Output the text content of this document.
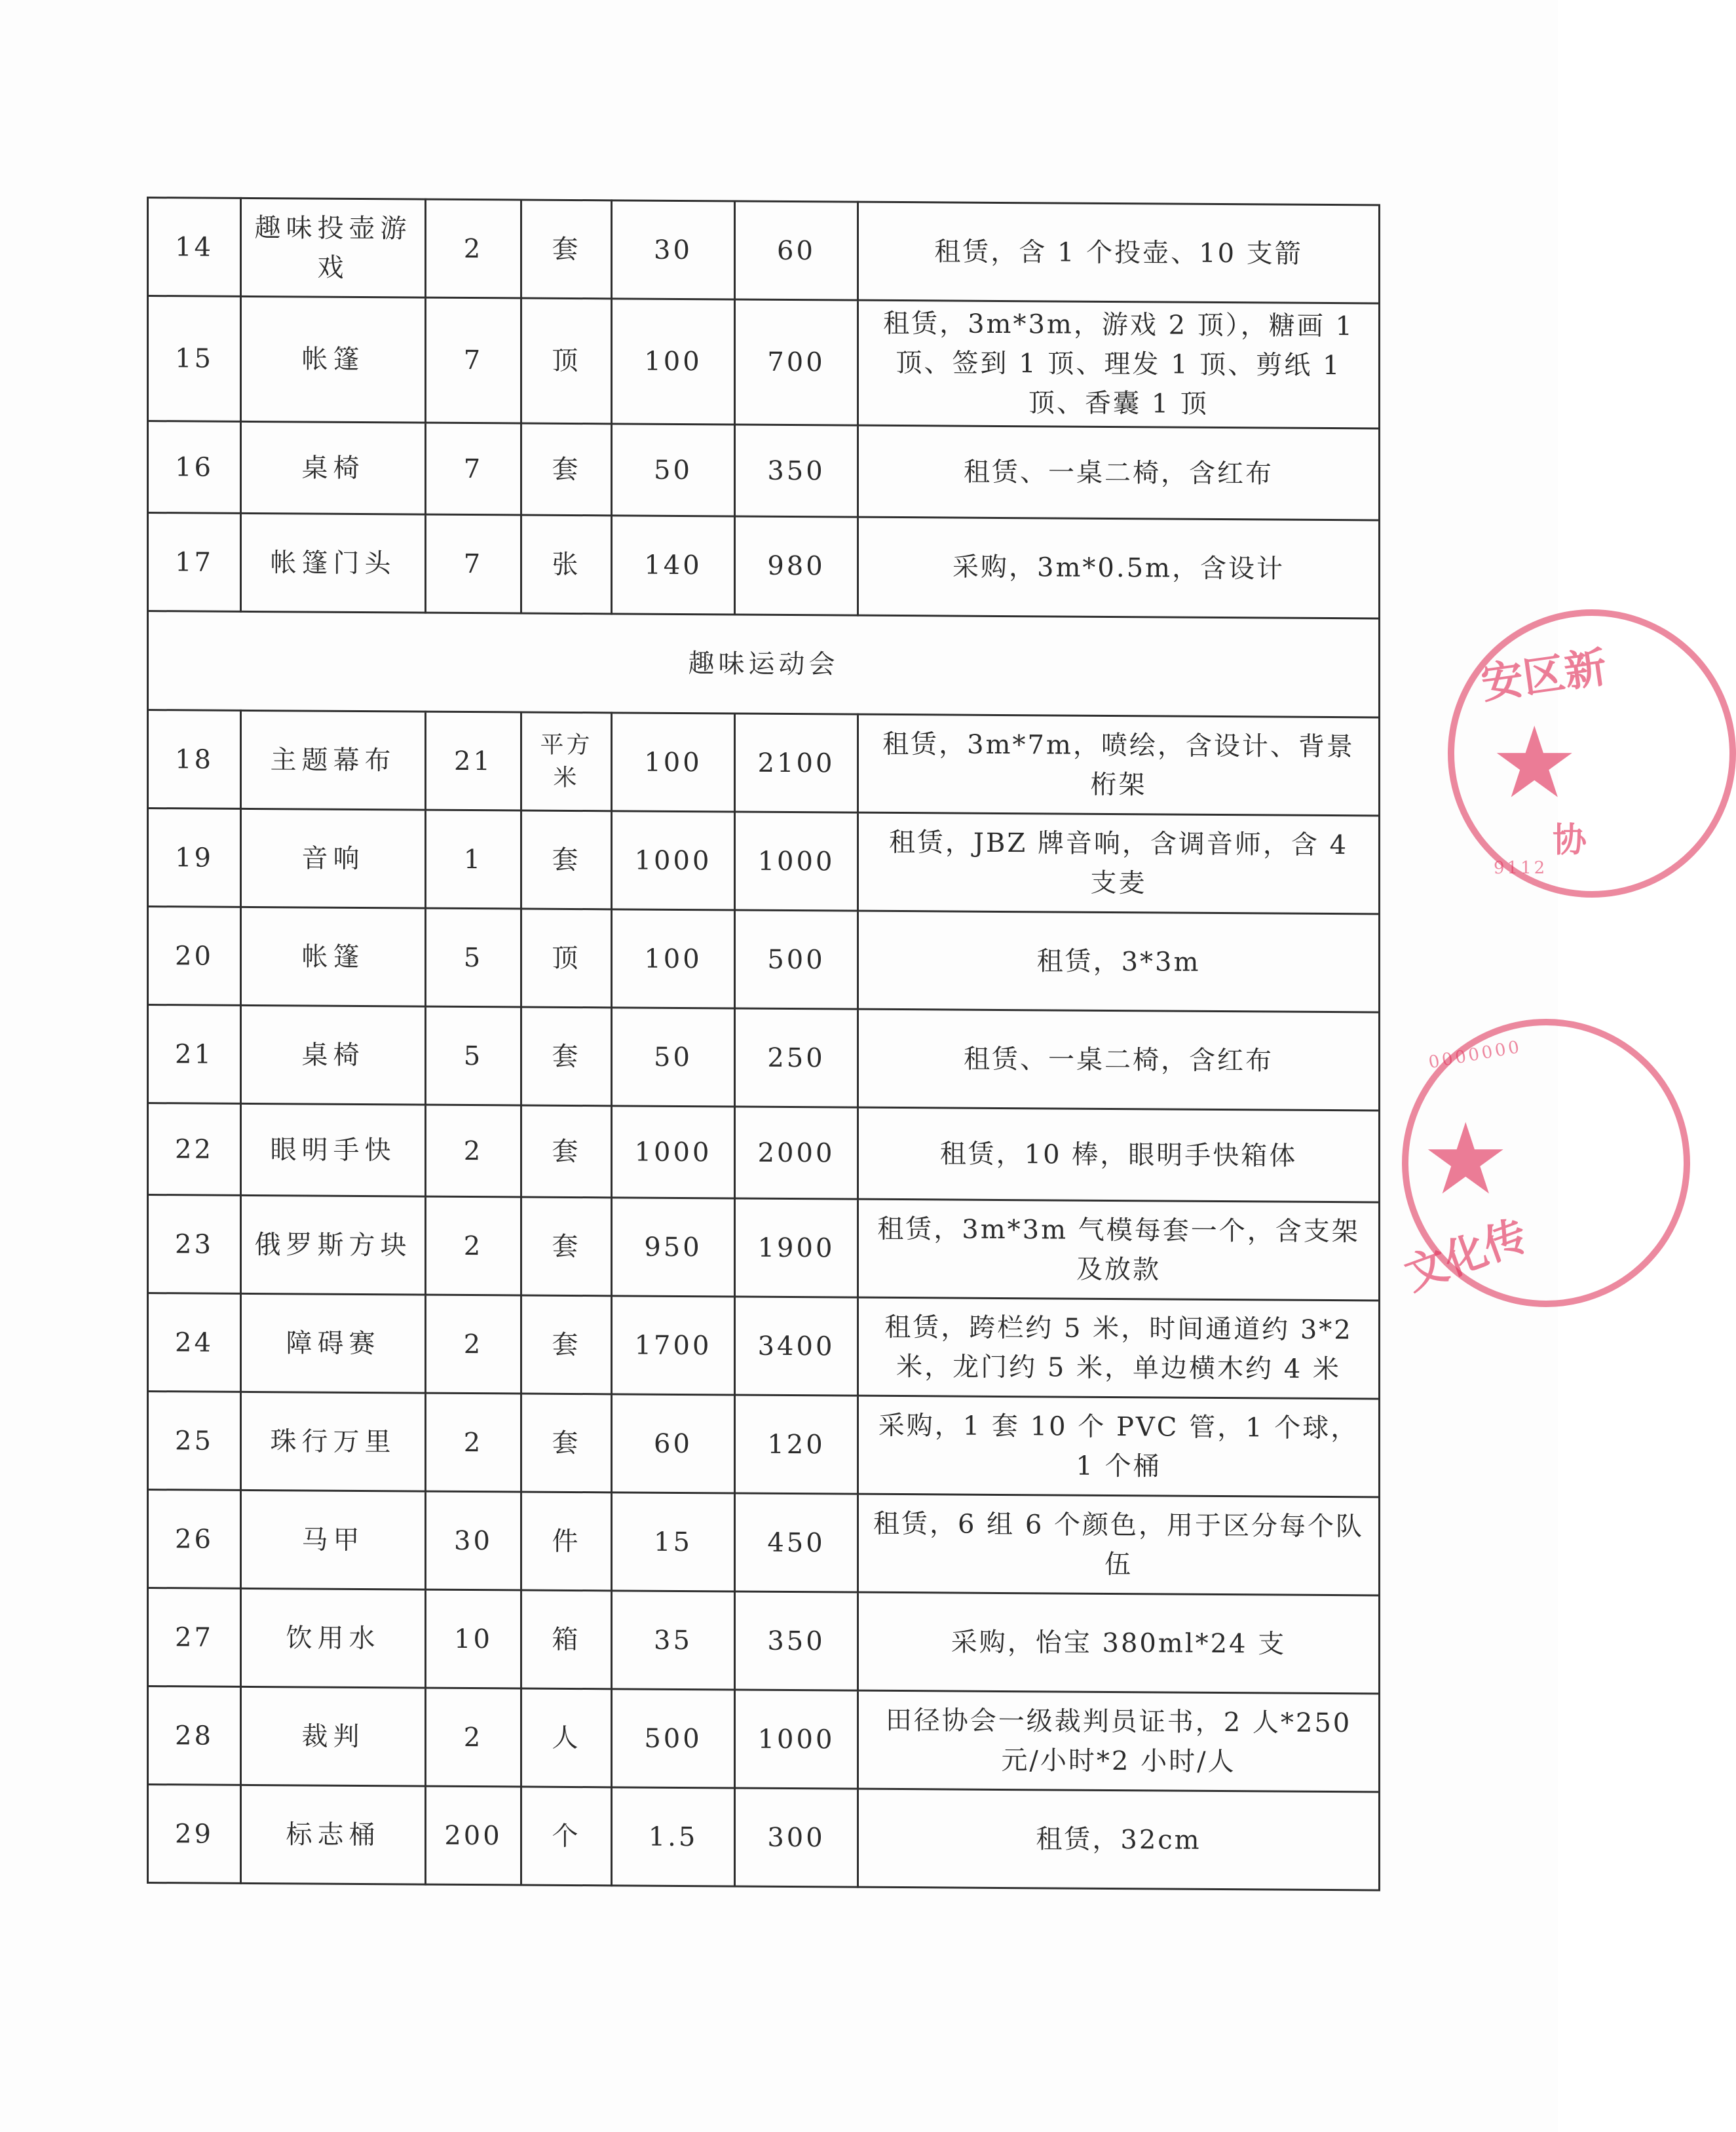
14	趣味投壶游戏	2	套	30	60	租赁，含 1 个投壶、10 支箭
15	帐篷	7	顶	100	700	租赁，3m*3m，游戏 2 顶），糖画 1 顶、签到 1 顶、理发 1 顶、剪纸 1 顶、香囊 1 顶
16	桌椅	7	套	50	350	租赁、一桌二椅，含红布
17	帐篷门头	7	张	140	980	采购，3m*0.5m，含设计
趣味运动会						
18	主题幕布	21	平方米	100	2100	租赁，3m*7m，喷绘，含设计、背景桁架
19	音响	1	套	1000	1000	租赁，JBZ 牌音响，含调音师，含 4 支麦
20	帐篷	5	顶	100	500	租赁，3*3m
21	桌椅	5	套	50	250	租赁、一桌二椅，含红布
22	眼明手快	2	套	1000	2000	租赁，10 棒，眼明手快箱体
23	俄罗斯方块	2	套	950	1900	租赁，3m*3m 气模每套一个，含支架及放款
24	障碍赛	2	套	1700	3400	租赁，跨栏约 5 米，时间通道约 3*2 米，龙门约 5 米，单边横木约 4 米
25	珠行万里	2	套	60	120	采购，1 套 10 个 PVC 管，1 个球，1 个桶
26	马甲	30	件	15	450	租赁，6 组 6 个颜色，用于区分每个队伍
27	饮用水	10	箱	35	350	采购，怡宝 380ml*24 支
28	裁判	2	人	500	1000	田径协会一级裁判员证书，2 人*250 元/小时*2 小时/人
29	标志桶	200	个	1.5	300	租赁，32cm
安区新
★
协
9112
0000000
★
文化传
